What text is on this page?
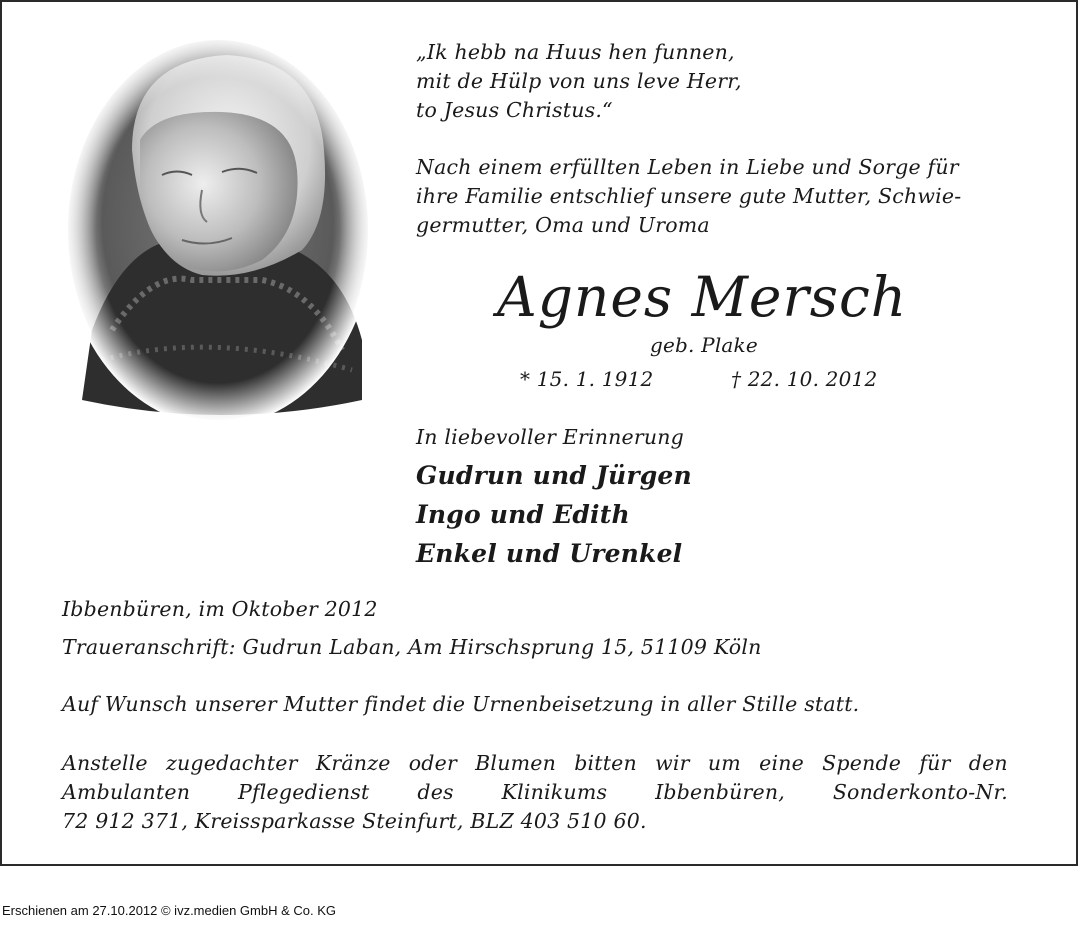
„Ik hebb na Huus hen funnen,
mit de Hülp von uns leve Herr,
to Jesus Christus.“
Nach einem erfüllten Leben in Liebe und Sorge für
ihre Familie entschlief unsere gute Mutter, Schwie-
germutter, Oma und Uroma
Agnes Mersch
geb. Plake
* 15. 1. 1912	† 22. 10. 2012
In liebevoller Erinnerung
Gudrun und Jürgen
Ingo und Edith
Enkel und Urenkel
Ibbenbüren, im Oktober 2012
Traueranschrift: Gudrun Laban, Am Hirschsprung 15, 51109 Köln
Auf Wunsch unserer Mutter findet die Urnenbeisetzung in aller Stille statt.
Anstelle zugedachter Kränze oder Blumen bitten wir um eine Spende für den
Ambulanten Pflegedienst des Klinikums Ibbenbüren, Sonderkonto-Nr.
72 912 371, Kreissparkasse Steinfurt, BLZ 403 510 60.
Erschienen am 27.10.2012 © ivz.medien GmbH & Co. KG
